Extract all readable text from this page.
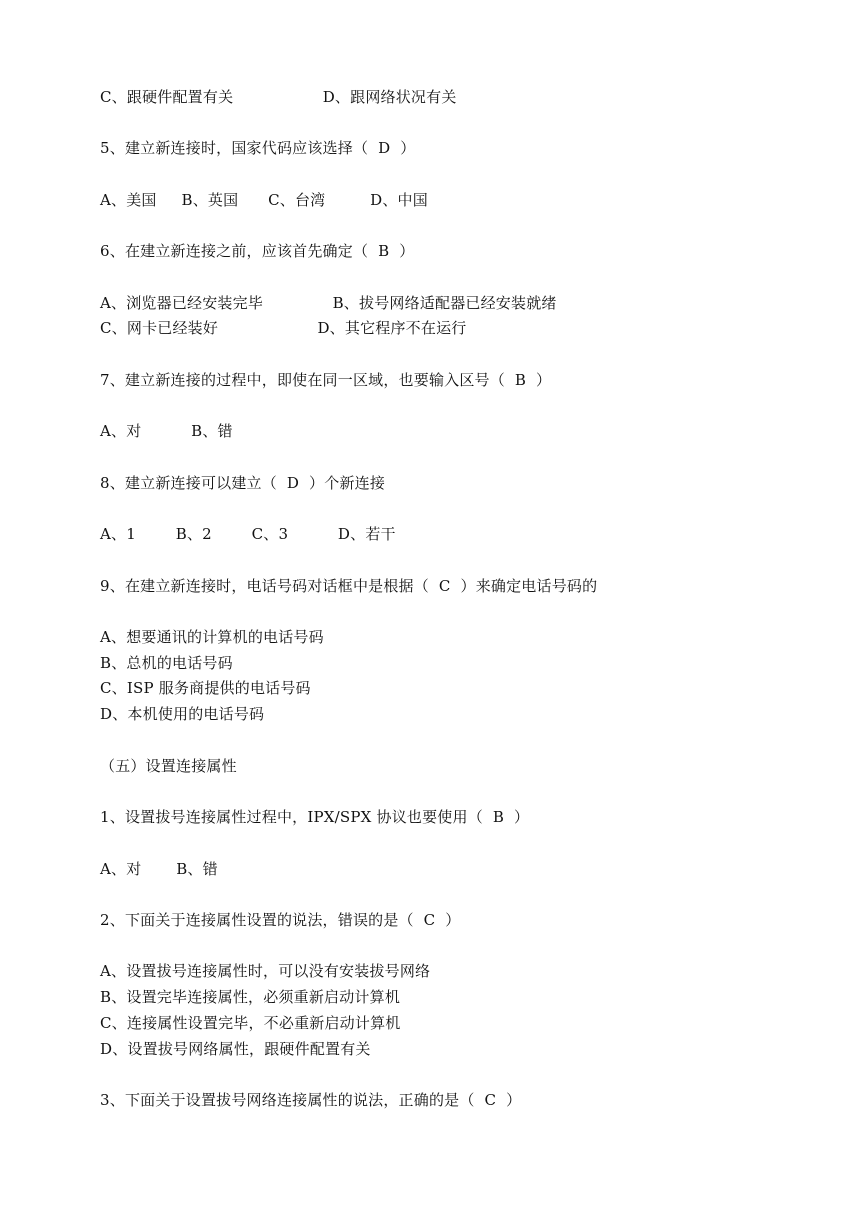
C、跟硬件配置有关                  D、跟网络状况有关
5、建立新连接时，国家代码应该选择（  D  ）
A、美国     B、英国      C、台湾         D、中国
6、在建立新连接之前，应该首先确定（  B  ）
A、浏览器已经安装完毕              B、拔号网络适配器已经安装就绪
C、网卡已经装好                    D、其它程序不在运行
7、建立新连接的过程中，即使在同一区域，也要输入区号（  B  ）
A、对          B、错
8、建立新连接可以建立（  D  ）个新连接
A、1        B、2        C、3          D、若干
9、在建立新连接时，电话号码对话框中是根据（  C  ）来确定电话号码的
A、想要通讯的计算机的电话号码
B、总机的电话号码
C、ISP 服务商提供的电话号码
D、本机使用的电话号码
（五）设置连接属性
1、设置拔号连接属性过程中，IPX/SPX 协议也要使用（  B  ）
A、对       B、错
2、下面关于连接属性设置的说法，错误的是（  C  ）
A、设置拔号连接属性时，可以没有安装拔号网络
B、设置完毕连接属性，必须重新启动计算机
C、连接属性设置完毕，不必重新启动计算机
D、设置拔号网络属性，跟硬件配置有关
3、下面关于设置拔号网络连接属性的说法，正确的是（  C  ）
